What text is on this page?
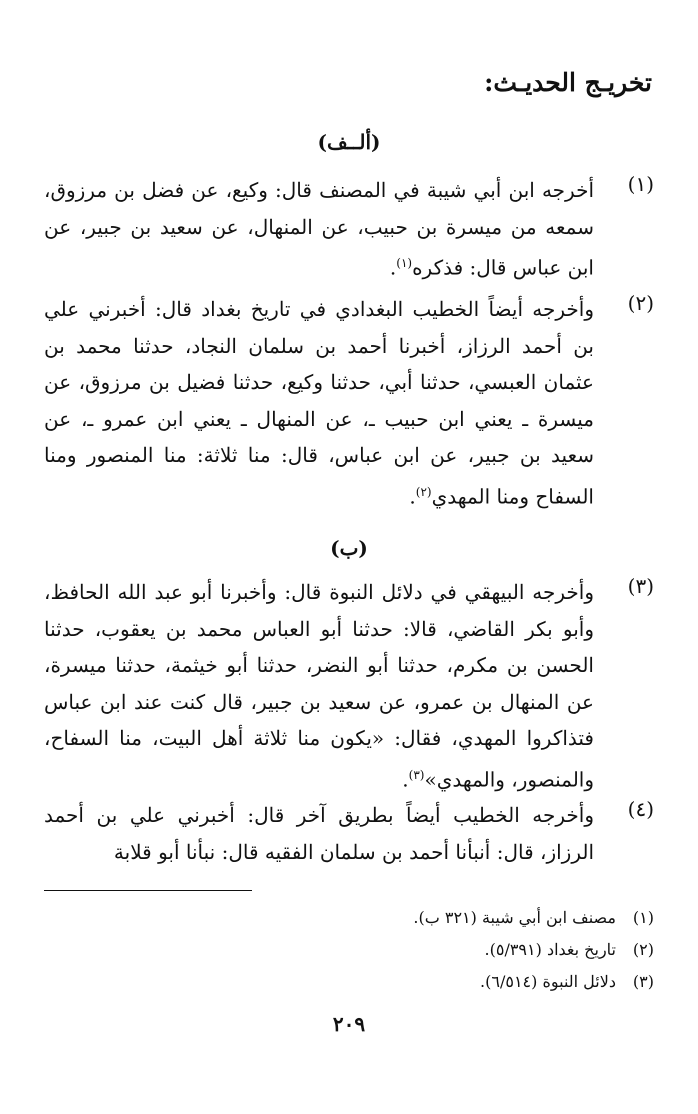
تخريـج الحديـث:
(ألــف)
(١)
أخرجه ابن أبي شيبة في المصنف قال: وكيع، عن فضل بن مرزوق، سمعه من ميسرة بن حبيب، عن المنهال، عن سعيد بن جبير، عن ابن عباس قال: فذكره$^{(١)}$.
(٢)
وأخرجه أيضاً الخطيب البغدادي في تاريخ بغداد قال: أخبرني علي بن أحمد الرزاز، أخبرنا أحمد بن سلمان النجاد، حدثنا محمد بن عثمان العبسي، حدثنا أبي، حدثنا وكيع، حدثنا فضيل بن مرزوق، عن ميسرة ـ يعني ابن حبيب ـ، عن المنهال ـ يعني ابن عمرو ـ، عن سعيد بن جبير، عن ابن عباس، قال: منا ثلاثة: منا المنصور ومنا السفاح ومنا المهدي$^{(٢)}$.
(ب)
(٣)
وأخرجه البيهقي في دلائل النبوة قال: وأخبرنا أبو عبد الله الحافظ، وأبو بكر القاضي، قالا: حدثنا أبو العباس محمد بن يعقوب، حدثنا الحسن بن مكرم، حدثنا أبو النضر، حدثنا أبو خيثمة، حدثنا ميسرة، عن المنهال بن عمرو، عن سعيد بن جبير، قال كنت عند ابن عباس فتذاكروا المهدي، فقال: «يكون منا ثلاثة أهل البيت، منا السفاح، والمنصور، والمهدي»$^{(٣)}$.
(٤)
وأخرجه الخطيب أيضاً بطريق آخر قال: أخبرني علي بن أحمد الرزاز، قال: أنبأنا أحمد بن سلمان الفقيه قال: نبأنا أبو قلابة
(١)
مصنف ابن أبي شيبة (٣٢١ ب).
(٢)
تاريخ بغداد (٥/٣٩١).
(٣)
دلائل النبوة (٦/٥١٤).
٢٠٩
